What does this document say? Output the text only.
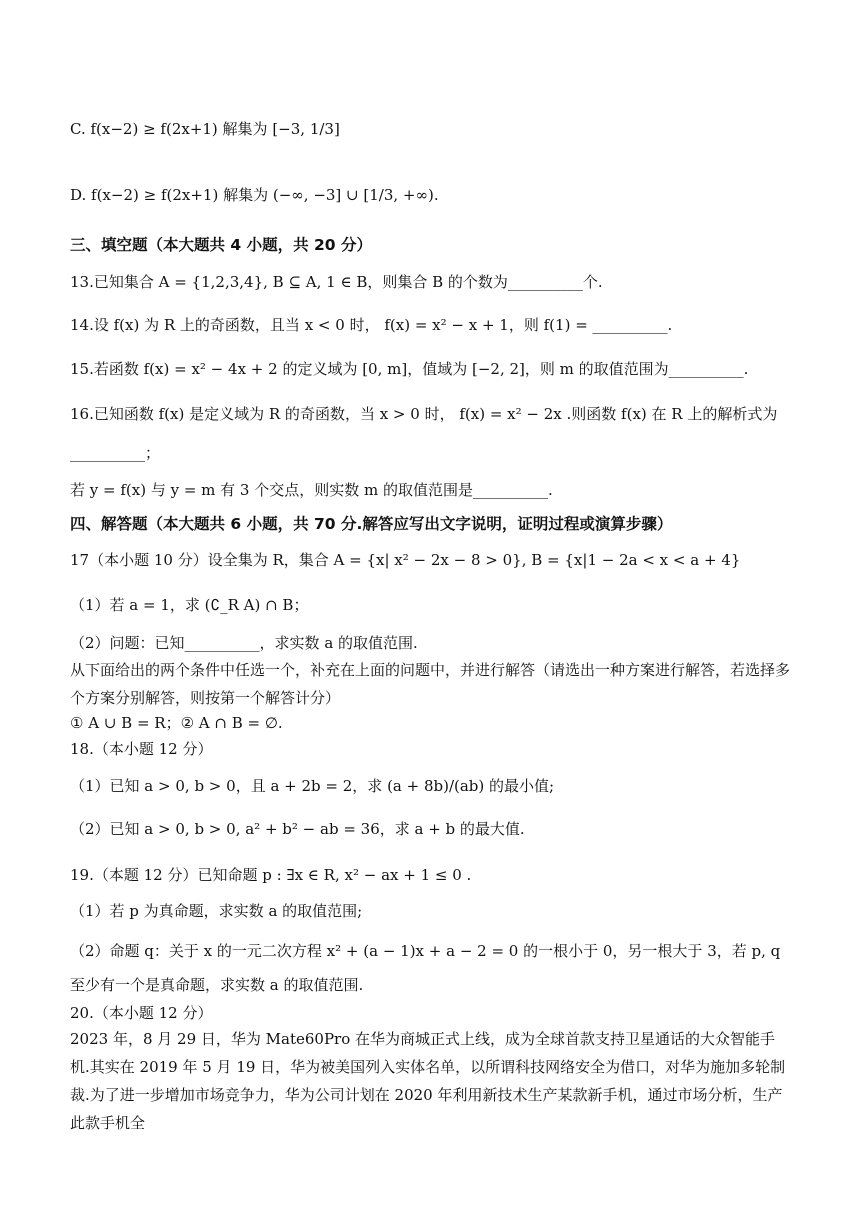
C. f(x−2) ≥ f(2x+1) 解集为 [−3, 1/3]
D. f(x−2) ≥ f(2x+1) 解集为 (−∞, −3] ∪ [1/3, +∞).
三、填空题（本大题共 4 小题，共 20 分）
13.已知集合 A = {1,2,3,4}, B ⊆ A, 1 ∈ B，则集合 B 的个数为__________个.
14.设 f(x) 为 R 上的奇函数，且当 x < 0 时， f(x) = x² − x + 1，则 f(1) = __________.
15.若函数 f(x) = x² − 4x + 2 的定义域为 [0, m]，值域为 [−2, 2]，则 m 的取值范围为__________.
16.已知函数 f(x) 是定义域为 R 的奇函数，当 x > 0 时， f(x) = x² − 2x .则函数 f(x) 在 R 上的解析式为
__________；
若 y = f(x) 与 y = m 有 3 个交点，则实数 m 的取值范围是__________.
四、解答题（本大题共 6 小题，共 70 分.解答应写出文字说明，证明过程或演算步骤）
17（本小题 10 分）设全集为 R，集合 A = {x| x² − 2x − 8 > 0}, B = {x|1 − 2a < x < a + 4}
（1）若 a = 1，求 (∁_R A) ∩ B；
（2）问题：已知__________，求实数 a 的取值范围.
从下面给出的两个条件中任选一个，补充在上面的问题中，并进行解答（请选出一种方案进行解答，若选择多个方案分别解答，则按第一个解答计分）
① A ∪ B = R；② A ∩ B = ∅.
18.（本小题 12 分）
（1）已知 a > 0, b > 0，且 a + 2b = 2，求 (a + 8b)/(ab) 的最小值;
（2）已知 a > 0, b > 0, a² + b² − ab = 36，求 a + b 的最大值.
19.（本题 12 分）已知命题 p : ∃x ∈ R, x² − ax + 1 ≤ 0 .
（1）若 p 为真命题，求实数 a 的取值范围;
（2）命题 q：关于 x 的一元二次方程 x² + (a − 1)x + a − 2 = 0 的一根小于 0，另一根大于 3，若 p, q 至少有一个是真命题，求实数 a 的取值范围.
20.（本小题 12 分）
2023 年，8 月 29 日，华为 Mate60Pro 在华为商城正式上线，成为全球首款支持卫星通话的大众智能手机.其实在 2019 年 5 月 19 日，华为被美国列入实体名单，以所谓科技网络安全为借口，对华为施加多轮制裁.为了进一步增加市场竞争力，华为公司计划在 2020 年利用新技术生产某款新手机，通过市场分析，生产此款手机全
